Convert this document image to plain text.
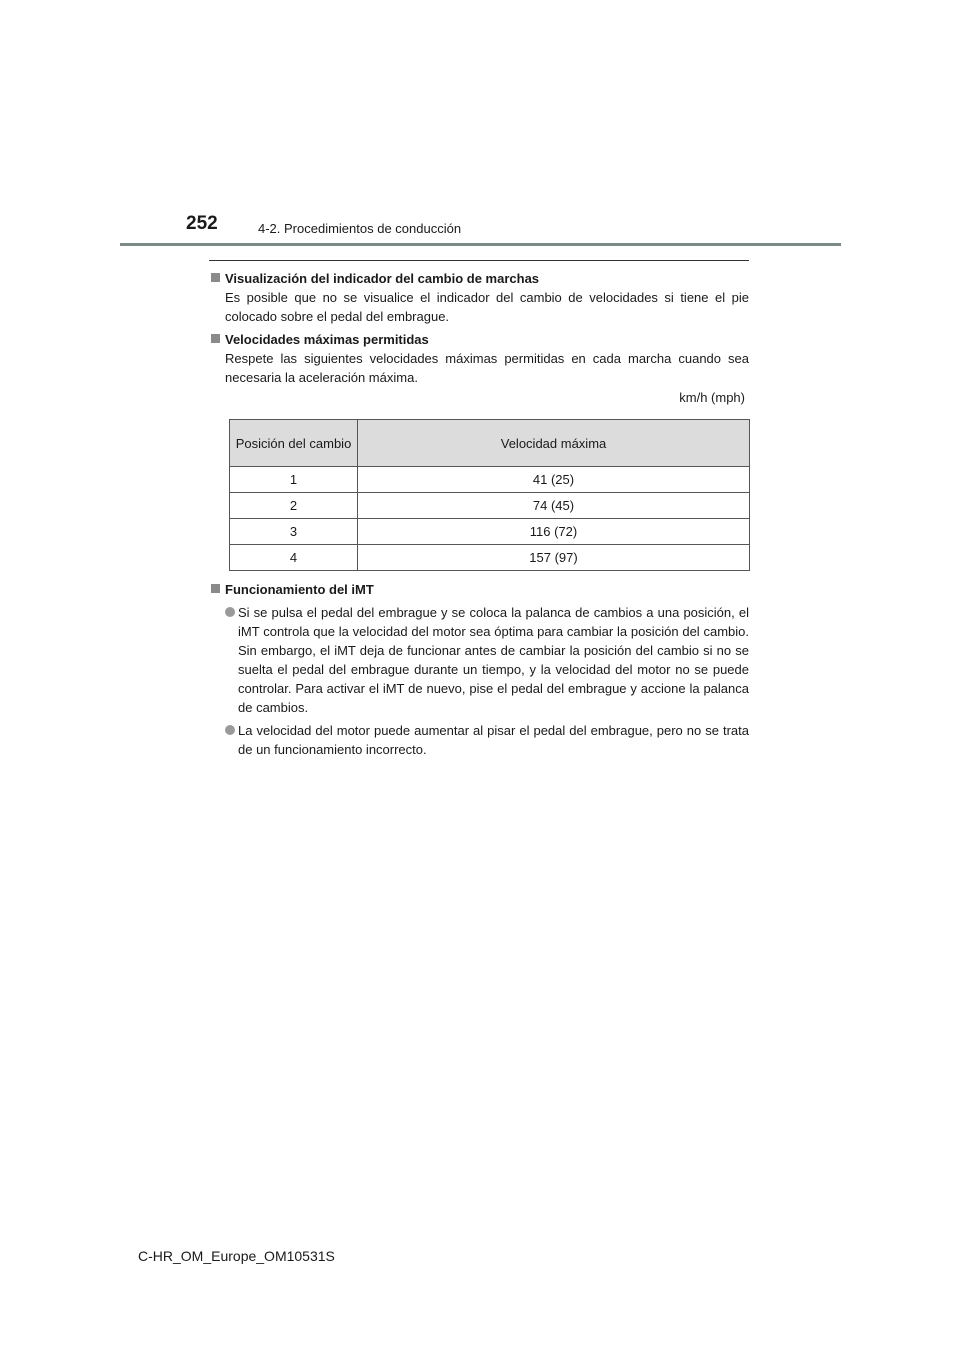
252	4-2. Procedimientos de conducción

Visualización del indicador del cambio de marchas

Es posible que no se visualice el indicador del cambio de velocidades si tiene el pie colocado sobre el pedal del embrague.

Velocidades máximas permitidas

Respete las siguientes velocidades máximas permitidas en cada marcha cuando sea necesaria la aceleración máxima.

km/h (mph)
Posición del cambio	Velocidad máxima
1	41 (25)
2	74 (45)
3	116 (72)
4	157 (97)

Funcionamiento del iMT

Si se pulsa el pedal del embrague y se coloca la palanca de cambios a una posición, el iMT controla que la velocidad del motor sea óptima para cambiar la posición del cambio. Sin embargo, el iMT deja de funcionar antes de cambiar la posición del cambio si no se suelta el pedal del embrague durante un tiempo, y la velocidad del motor no se puede controlar. Para activar el iMT de nuevo, pise el pedal del embrague y accione la palanca de cambios.
La velocidad del motor puede aumentar al pisar el pedal del embrague, pero no se trata de un funcionamiento incorrecto.
C-HR_OM_Europe_OM10531S
